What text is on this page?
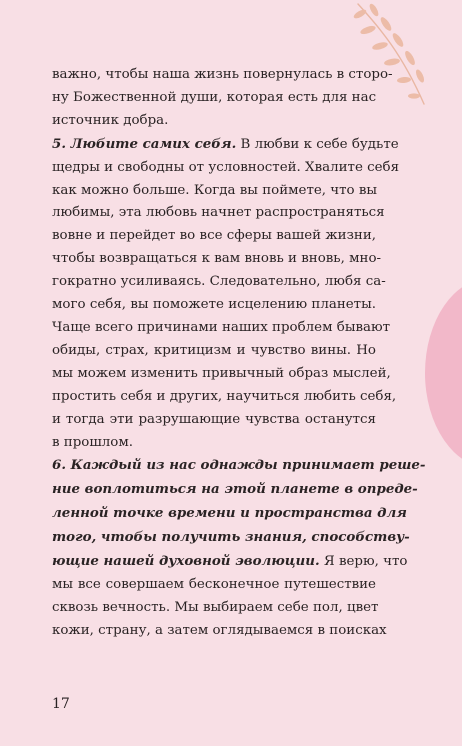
важно, чтобы наша жизнь повернулась в сторо-
ну Божественной души, которая есть для нас
источник добра.
5. Любите самих себя. В любви к себе будьте
щедры и свободны от условностей. Хвалите себя
как можно больше. Когда вы поймете, что вы
любимы, эта любовь начнет распространяться
вовне и перейдет во все сферы вашей жизни,
чтобы возвращаться к вам вновь и вновь, мно-
гократно усиливаясь. Следовательно, любя са-
мого себя, вы поможете исцелению планеты.
Чаще всего причинами наших проблем бывают
обиды, страх, критицизм и чувство вины. Но
мы можем изменить привычный образ мыслей,
простить себя и других, научиться любить себя,
и тогда эти разрушающие чувства останутся
в прошлом.
6. Каждый из нас однажды принимает реше-
ние воплотиться на этой планете в опреде-
ленной точке времени и пространства для
того, чтобы получить знания, способству-
ющие нашей духовной эволюции. Я верю, что
мы все совершаем бесконечное путешествие
сквозь вечность. Мы выбираем себе пол, цвет
кожи, страну, а затем оглядываемся в поисках
17
